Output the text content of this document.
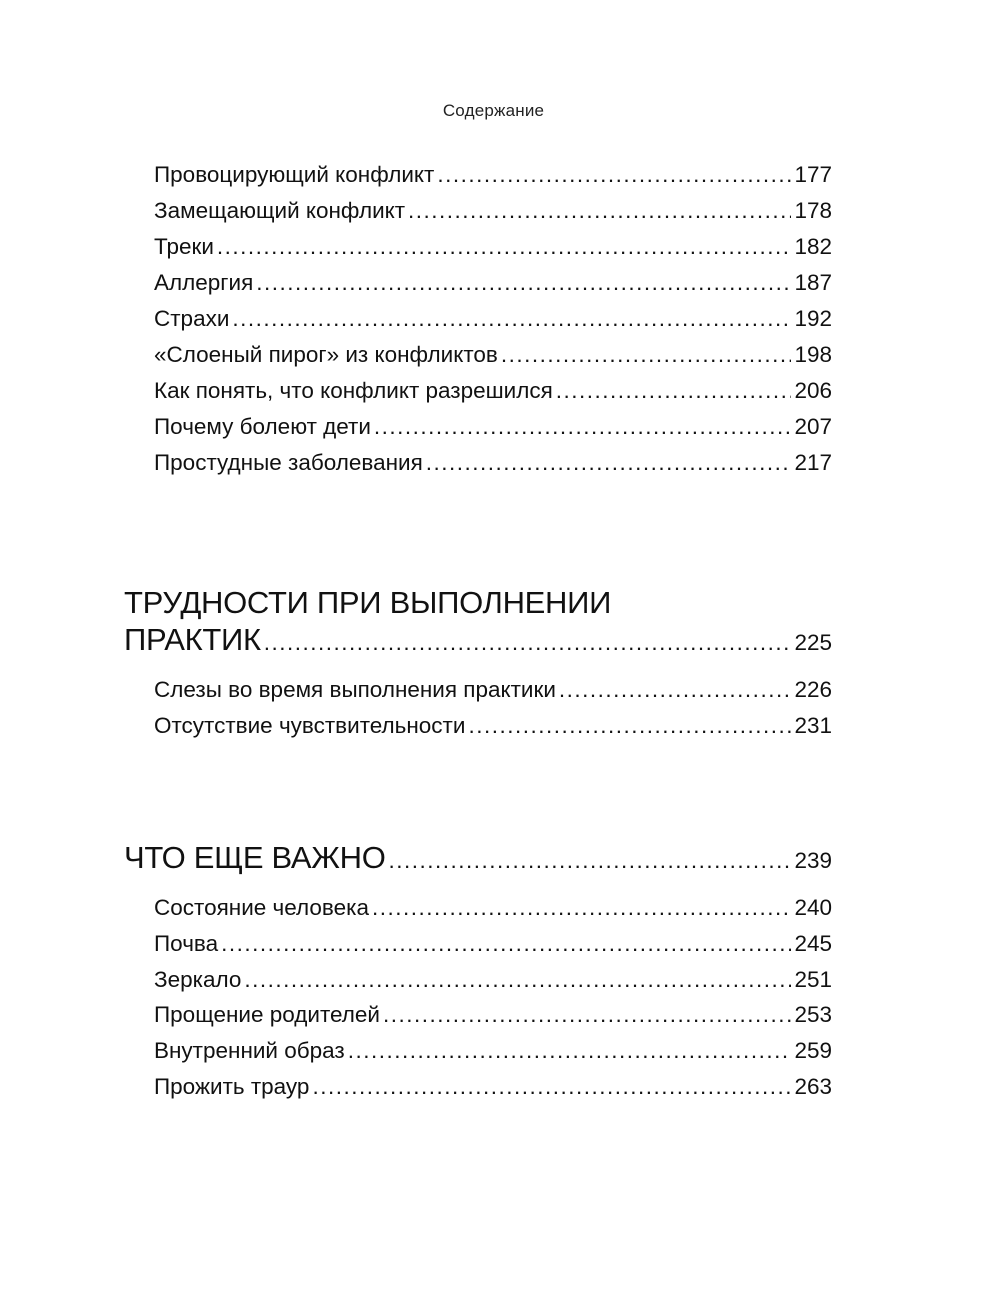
Содержание
Провоцирующий конфликт .....	177
Замещающий конфликт .....	178
Треки .....	182
Аллергия .....	187
Страхи .....	192
«Слоеный пирог» из конфликтов .....	198
Как понять, что конфликт разрешился .....	206
Почему болеют дети .....	207
Простудные заболевания .....	217
ТРУДНОСТИ ПРИ ВЫПОЛНЕНИИ
ПРАКТИК .....	225
Слезы во время выполнения практики .....	226
Отсутствие чувствительности .....	231
ЧТО ЕЩЕ ВАЖНО .....	239
Состояние человека .....	240
Почва .....	245
Зеркало .....	251
Прощение родителей .....	253
Внутренний образ .....	259
Прожить траур .....	263
